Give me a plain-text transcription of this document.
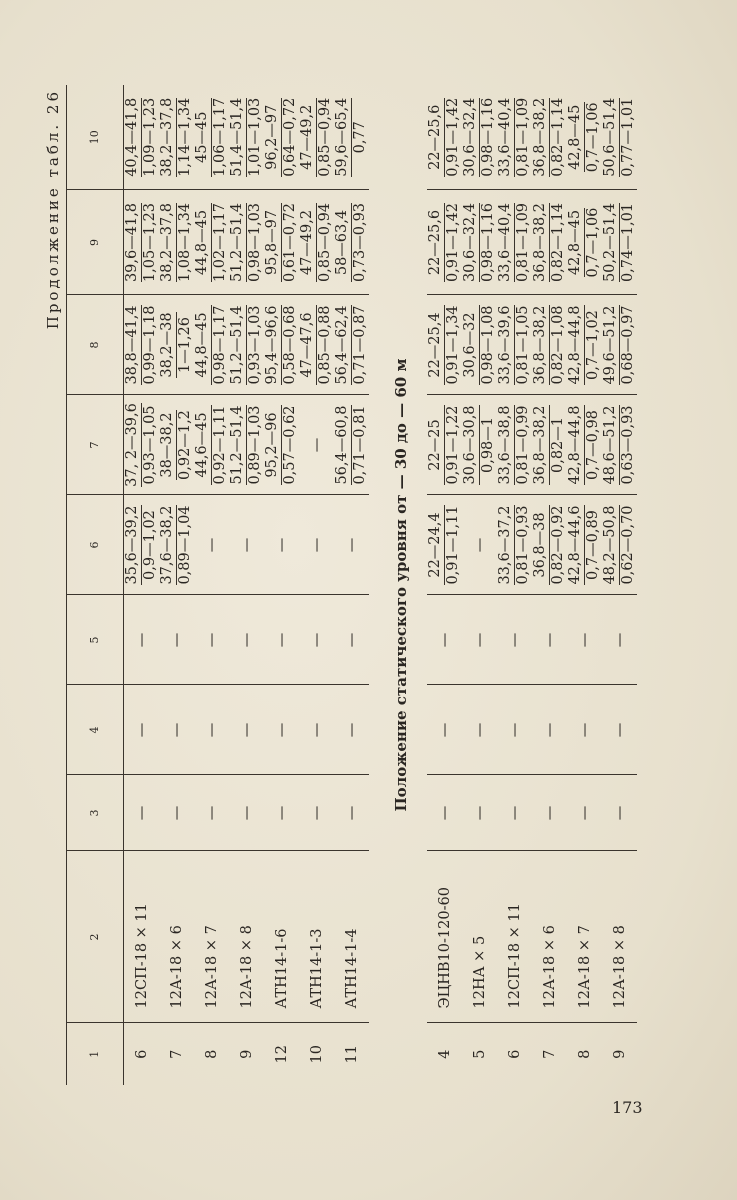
Продолжение табл. 26
1	2	3	4	5	6	7	8	9	10
6	12СП-18 × 11	—	—	—	35,6—39,2 0,9—1,02	37, 2—39,6 0,93—1,05	38,8—41,4 0,99—1,18	39,6—41,8 1,05—1,23	40,4—41,8 1,09—1,23

7	12А-18 × 6	—	—	—	37,6—38,2 0,89—1,04	38—38,2 0,92—1,2	38,2—38 1—1,26	38,2—37,8 1,08—1,34	38,2—37,8 1,14—1,34

8	12А-18 × 7	—	—	—	—	44,6—45 0,92—1,11	44,8—45 0,98—1,17	44,8—45 1,02—1,17	45—45 1,06—1,17

9	12А-18 × 8	—	—	—	—	51,2—51,4 0,89—1,03	51,2—51,4 0,93—1,03	51,2—51,4 0,98—1,03	51,4—51,4 1,01—1,03

12	АТН14-1-6	—	—	—	—	95,2—96 0,57—0,62	95,4—96,6 0,58—0,68	95,8—97 0,61—0,72	96,2—97 0,64—0,72

10	АТН14-1-3	—	—	—	—	—	47—47,6 0,85—0,88	47—49,2 0,85—0,94	47—49,2 0,85—0,94

11	АТН14-1-4	—	—	—	—	56,4—60,8 0,71—0,81	56,4—62,4 0,71—0,87	58—63,4 0,73—0,93	59,6—65,4 0,77
Положение статического уровня от — 30 до — 60 м
4	ЭЦНВ10-120-60	—	—	—	22—24,4 0,91—1,11	22—25 0,91—1,22	22—25,4 0,91—1,34	22—25,6 0,91—1,42	22—25,6 0,91—1,42

5	12НА × 5	—	—	—	—	30,6—30,8 0,98—1	30,6—32 0,98—1,08	30,6—32,4 0,98—1,16	30,6—32,4 0,98—1,16

6	12СП-18 × 11	—	—	—	33,6—37,2 0,81—0,93	33,6—38,8 0,81—0,99	33,6—39,6 0,81—1,05	33,6—40,4 0,81—1,09	33,6—40,4 0,81—1,09

7	12А-18 × 6	—	—	—	36,8—38 0,82—0,92	36,8—38,2 0,82—1	36,8—38,2 0,82—1,08	36,8—38,2 0,82—1,14	36,8—38,2 0,82—1,14

8	12А-18 × 7	—	—	—	42,8—44,6 0,7—0,89	42,8—44,8 0,7—0,98	42,8—44,8 0,7—1,02	42,8—45 0,7—1,06	42,8—45 0,7—1,06

9	12А-18 × 8	—	—	—	48,2—50,8 0,62—0,70	48,6—51,2 0,63—0,93	49,6—51,2 0,68—0,97	50,2—51,4 0,74—1,01	50,6—51,4 0,77—1,01
173
